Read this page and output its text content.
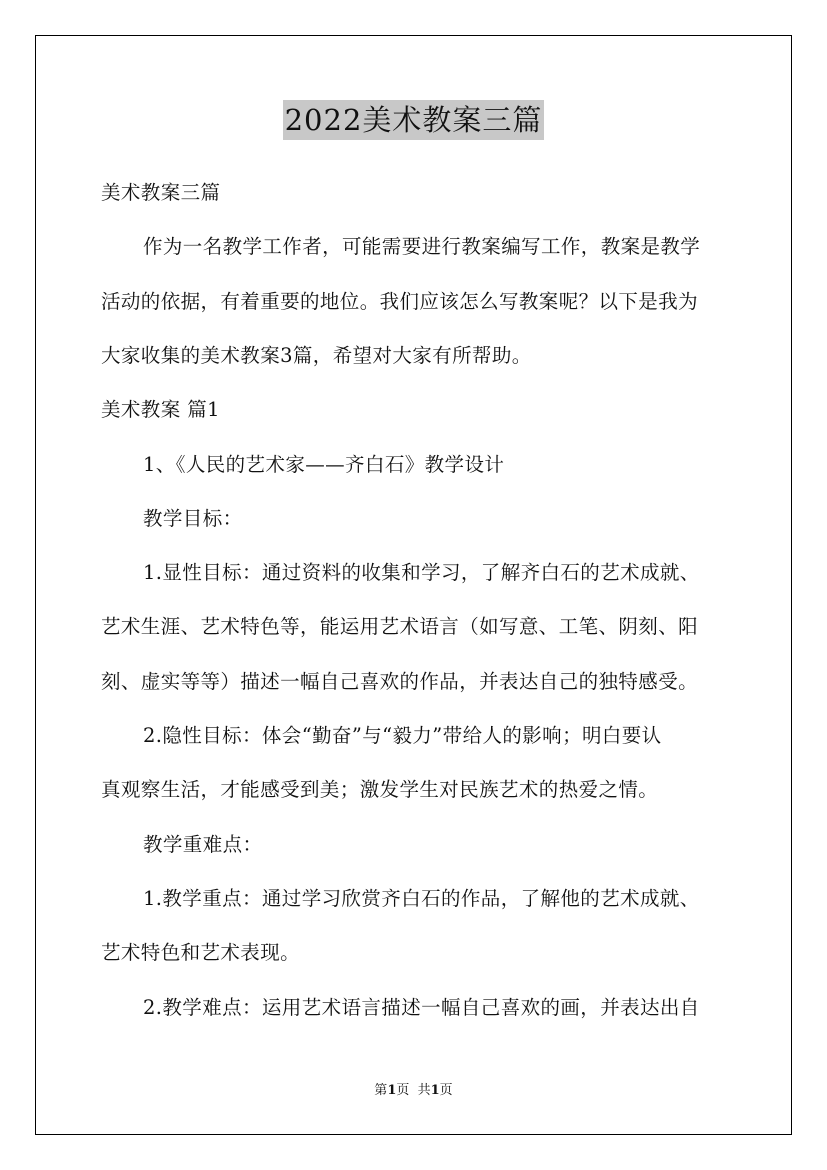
2022美术教案三篇
美术教案三篇
作为一名教学工作者，可能需要进行教案编写工作，教案是教学
活动的依据，有着重要的地位。我们应该怎么写教案呢？以下是我为
大家收集的美术教案3篇，希望对大家有所帮助。
美术教案 篇1
1、《人民的艺术家——齐白石》教学设计
教学目标：
1.显性目标：通过资料的收集和学习，了解齐白石的艺术成就、
艺术生涯、艺术特色等，能运用艺术语言（如写意、工笔、阴刻、阳
刻、虚实等等）描述一幅自己喜欢的作品，并表达自己的独特感受。
2.隐性目标：体会“勤奋”与“毅力”带给人的影响；明白要认
真观察生活，才能感受到美；激发学生对民族艺术的热爱之情。
教学重难点：
1.教学重点：通过学习欣赏齐白石的作品，了解他的艺术成就、
艺术特色和艺术表现。
2.教学难点：运用艺术语言描述一幅自己喜欢的画，并表达出自
第1页  共1页
